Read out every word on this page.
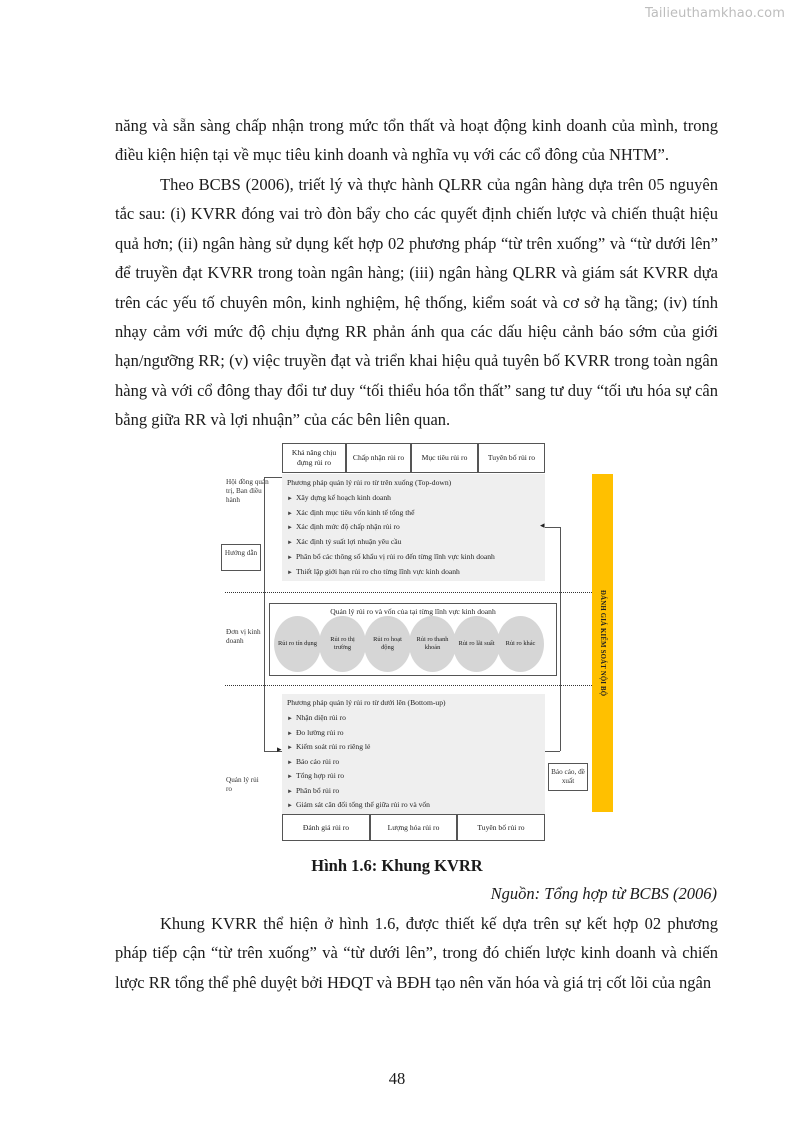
Tailieuthamkhao.com

năng và sẵn sàng chấp nhận trong mức tổn thất và hoạt động kinh doanh của mình, trong điều kiện hiện tại về mục tiêu kinh doanh và nghĩa vụ với các cổ đông của NHTM”.

Theo BCBS (2006), triết lý và thực hành QLRR của ngân hàng dựa trên 05 nguyên tắc sau: (i) KVRR đóng vai trò đòn bẩy cho các quyết định chiến lược và chiến thuật hiệu quả hơn; (ii) ngân hàng sử dụng kết hợp 02 phương pháp “từ trên xuống” và “từ dưới lên” để truyền đạt KVRR trong toàn ngân hàng; (iii) ngân hàng QLRR và giám sát KVRR dựa trên các yếu tố chuyên môn, kinh nghiệm, hệ thống, kiểm soát và cơ sở hạ tầng; (iv) tính nhạy cảm với mức độ chịu đựng RR phản ánh qua các dấu hiệu cảnh báo sớm của giới hạn/ngưỡng RR; (v) việc truyền đạt và triển khai hiệu quả tuyên bố KVRR trong toàn ngân hàng và với cổ đông thay đổi tư duy “tối thiểu hóa tổn thất” sang tư duy “tối ưu hóa sự cân bằng giữa RR và lợi nhuận” của các bên liên quan.

Khả năng chịu đựng rủi ro
Chấp nhận rủi ro	Mục tiêu rủi ro	Tuyên bố rủi ro
Hội đồng quản trị, Ban điều hành
Hướng dẫn
Đơn vị kinh doanh
Quản lý rủi ro
Phương pháp quản lý rủi ro từ trên xuống (Top-down)
► Xây dựng kế hoạch kinh doanh
► Xác định mục tiêu vốn kinh tế tổng thể
► Xác định mức độ chấp nhận rủi ro
► Xác định tỷ suất lợi nhuận yêu cầu
► Phân bổ các thông số khẩu vị rủi ro đến từng lĩnh vực kinh doanh
► Thiết lập giới hạn rủi ro cho từng lĩnh vực kinh doanh
Quản lý rủi ro và vốn của tại từng lĩnh vực kinh doanh
Rủi ro tín dụng
Rủi ro thị trường
Rủi ro hoạt động
Rủi ro thanh khoản
Rủi ro lãi suất	Rủi ro khác
Phương pháp quản lý rủi ro từ dưới lên (Bottom-up)
► Nhận diện rủi ro
► Đo lường rủi ro
► Kiểm soát rủi ro riêng lẻ
► Báo cáo rủi ro
► Tổng hợp rủi ro
► Phân bổ rủi ro
► Giám sát cân đối tổng thể giữa rủi ro và vốn
▸
◂
Báo cáo, đề xuất
Đánh giá rủi ro	Lượng hóa rủi ro	Tuyên bố rủi ro
ĐÁNH GIÁ KIỂM SOÁT NỘI BỘ
Hình 1.6: Khung KVRR
Nguồn: Tổng hợp từ BCBS (2006)

Khung KVRR thể hiện ở hình 1.6, được thiết kế dựa trên sự kết hợp 02 phương pháp tiếp cận “từ trên xuống” và “từ dưới lên”, trong đó chiến lược kinh doanh và chiến lược RR tổng thể phê duyệt bởi HĐQT và BĐH tạo nên văn hóa và giá trị cốt lõi của ngân

48
